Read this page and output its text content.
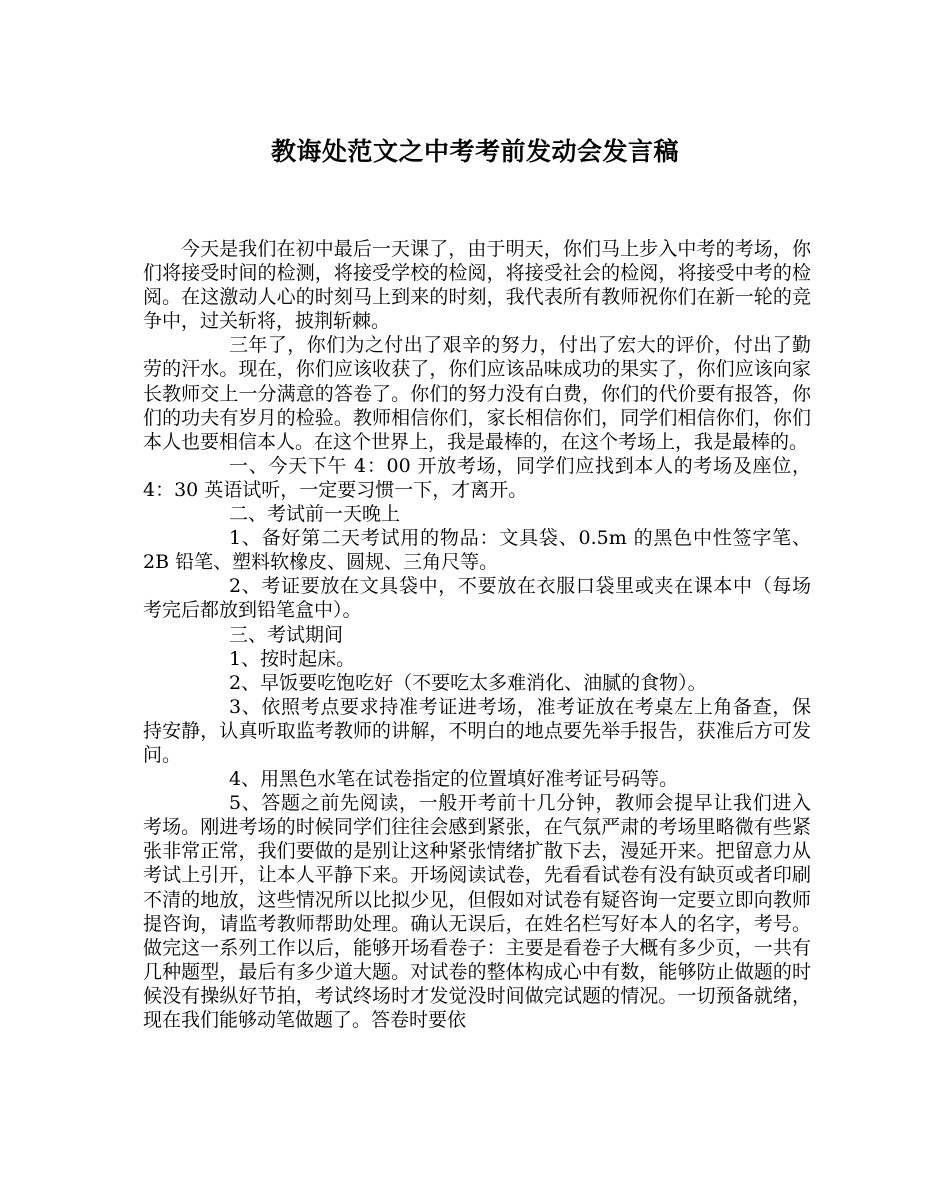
教诲处范文之中考考前发动会发言稿

今天是我们在初中最后一天课了，由于明天，你们马上步入中考的考场，你们将接受时间的检测，将接受学校的检阅，将接受社会的检阅，将接受中考的检阅。在这激动人心的时刻马上到来的时刻，我代表所有教师祝你们在新一轮的竞争中，过关斩将，披荆斩棘。

三年了，你们为之付出了艰辛的努力，付出了宏大的评价，付出了勤劳的汗水。现在，你们应该收获了，你们应该品味成功的果实了，你们应该向家长教师交上一分满意的答卷了。你们的努力没有白费，你们的代价要有报答，你们的功夫有岁月的检验。教师相信你们，家长相信你们，同学们相信你们，你们本人也要相信本人。在这个世界上，我是最棒的，在这个考场上，我是最棒的。

一、今天下午 4：00 开放考场，同学们应找到本人的考场及座位，4：30 英语试听，一定要习惯一下，才离开。

二、考试前一天晚上

1、备好第二天考试用的物品：文具袋、0.5m 的黑色中性签字笔、2B 铅笔、塑料软橡皮、圆规、三角尺等。

2、考证要放在文具袋中，不要放在衣服口袋里或夹在课本中（每场考完后都放到铅笔盒中）。

三、考试期间

1、按时起床。

2、早饭要吃饱吃好（不要吃太多难消化、油腻的食物）。

3、依照考点要求持准考证进考场，准考证放在考桌左上角备查，保持安静，认真听取监考教师的讲解，不明白的地点要先举手报告，获准后方可发问。

4、用黑色水笔在试卷指定的位置填好准考证号码等。

5、答题之前先阅读，一般开考前十几分钟，教师会提早让我们进入考场。刚进考场的时候同学们往往会感到紧张，在气氛严肃的考场里略微有些紧张非常正常，我们要做的是别让这种紧张情绪扩散下去，漫延开来。把留意力从考试上引开，让本人平静下来。开场阅读试卷，先看看试卷有没有缺页或者印刷不清的地放，这些情况所以比拟少见，但假如对试卷有疑咨询一定要立即向教师提咨询，请监考教师帮助处理。确认无误后，在姓名栏写好本人的名字，考号。做完这一系列工作以后，能够开场看卷子：主要是看卷子大概有多少页，一共有几种题型，最后有多少道大题。对试卷的整体构成心中有数，能够防止做题的时候没有操纵好节拍，考试终场时才发觉没时间做完试题的情况。一切预备就绪，现在我们能够动笔做题了。答卷时要依
